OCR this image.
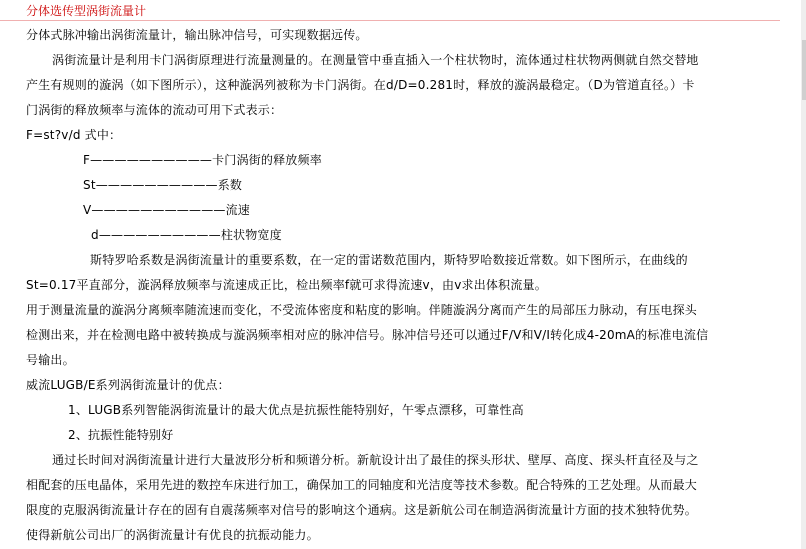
分体选传型涡街流量计
分体式脉冲输出涡街流量计，输出脉冲信号，可实现数据远传。
涡街流量计是利用卡门涡街原理进行流量测量的。在测量管中垂直插入一个柱状物时，流体通过柱状物两侧就自然交替地
产生有规则的漩涡（如下图所示），这种漩涡列被称为卡门涡街。在d/D=0.281时，释放的漩涡最稳定。（D为管道直径。）卡
门涡街的释放频率与流体的流动可用下式表示：
F=st?v/d 式中：
F——————————卡门涡街的释放频率
St——————————系数
V———————————流速
d——————————柱状物宽度
斯特罗哈系数是涡街流量计的重要系数，在一定的雷诺数范围内，斯特罗哈数接近常数。如下图所示，在曲线的
St=0.17平直部分，漩涡释放频率与流速成正比，检出频率f就可求得流速v，由v求出体积流量。
用于测量流量的漩涡分离频率随流速而变化，不受流体密度和粘度的影响。伴随漩涡分离而产生的局部压力脉动，有压电探头
检测出来，并在检测电路中被转换成与漩涡频率相对应的脉冲信号。脉冲信号还可以通过F/V和V/I转化成4-20mA的标准电流信
号输出。
威流LUGB/E系列涡街流量计的优点：
1、LUGB系列智能涡街流量计的最大优点是抗振性能特别好，午零点漂移，可靠性高
2、抗振性能特别好
通过长时间对涡街流量计进行大量波形分析和频谱分析。新航设计出了最佳的探头形状、壁厚、高度、探头杆直径及与之
相配套的压电晶体，采用先进的数控车床进行加工，确保加工的同轴度和光洁度等技术参数。配合特殊的工艺处理。从而最大
限度的克服涡街流量计存在的固有自震荡频率对信号的影响这个通病。这是新航公司在制造涡街流量计方面的技术独特优势。
使得新航公司出厂的涡街流量计有优良的抗振动能力。
